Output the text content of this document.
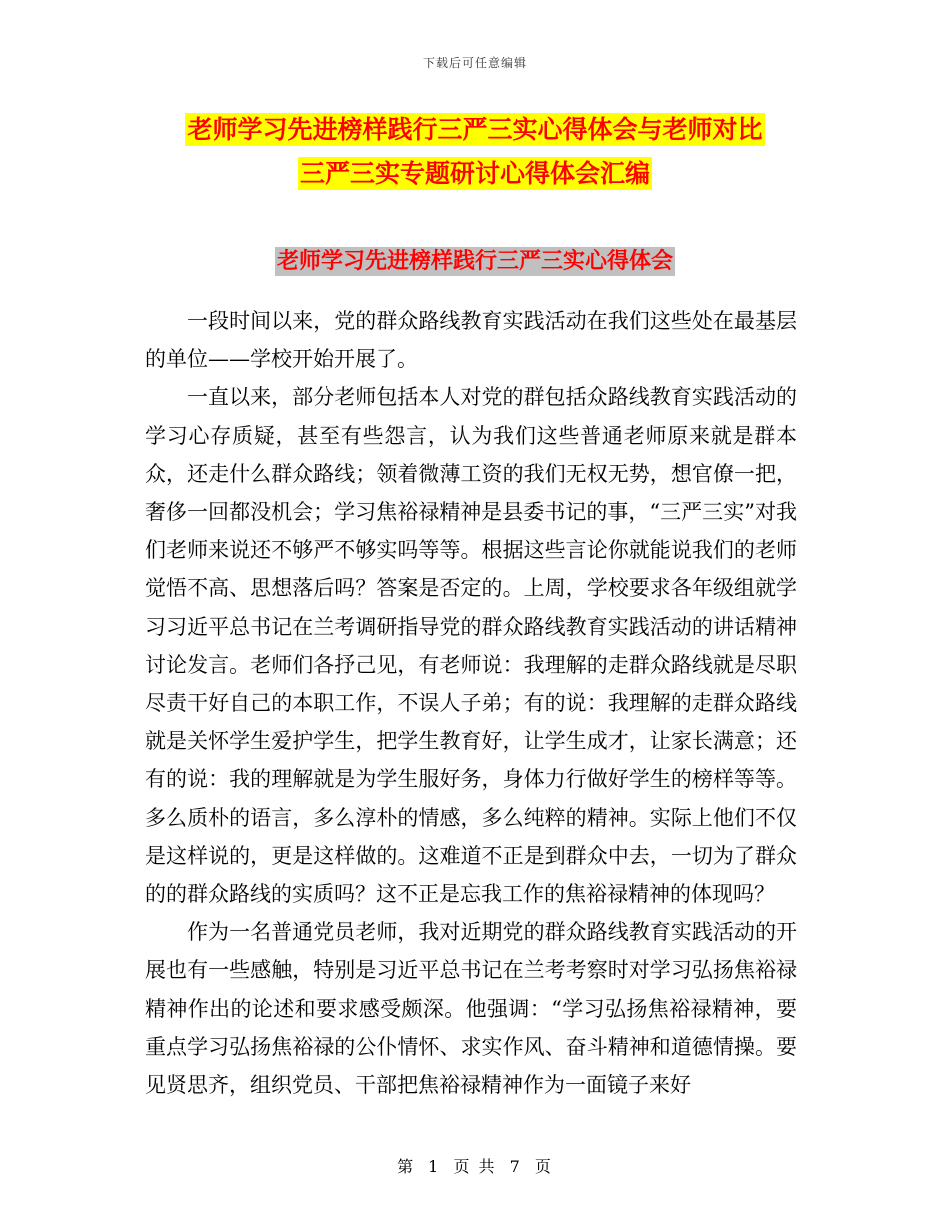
下载后可任意编辑
老师学习先进榜样践行三严三实心得体会与老师对比
三严三实专题研讨心得体会汇编
老师学习先进榜样践行三严三实心得体会

一段时间以来，党的群众路线教育实践活动在我们这些处在最基层的单位——学校开始开展了。

一直以来，部分老师包括本人对党的群包括众路线教育实践活动的学习心存质疑，甚至有些怨言，认为我们这些普通老师原来就是群本众，还走什么群众路线；领着微薄工资的我们无权无势，想官僚一把，奢侈一回都没机会；学习焦裕禄精神是县委书记的事，“三严三实”对我们老师来说还不够严不够实吗等等。根据这些言论你就能说我们的老师觉悟不高、思想落后吗？答案是否定的。上周，学校要求各年级组就学习习近平总书记在兰考调研指导党的群众路线教育实践活动的讲话精神讨论发言。老师们各抒己见，有老师说：我理解的走群众路线就是尽职尽责干好自己的本职工作，不误人子弟；有的说：我理解的走群众路线就是关怀学生爱护学生，把学生教育好，让学生成才，让家长满意；还有的说：我的理解就是为学生服好务，身体力行做好学生的榜样等等。多么质朴的语言，多么淳朴的情感，多么纯粹的精神。实际上他们不仅是这样说的，更是这样做的。这难道不正是到群众中去，一切为了群众的的群众路线的实质吗？这不正是忘我工作的焦裕禄精神的体现吗？

作为一名普通党员老师，我对近期党的群众路线教育实践活动的开展也有一些感触，特别是习近平总书记在兰考考察时对学习弘扬焦裕禄精神作出的论述和要求感受颇深。他强调：“学习弘扬焦裕禄精神，要重点学习弘扬焦裕禄的公仆情怀、求实作风、奋斗精神和道德情操。要见贤思齐，组织党员、干部把焦裕禄精神作为一面镜子来好

第 1 页 共 7 页
